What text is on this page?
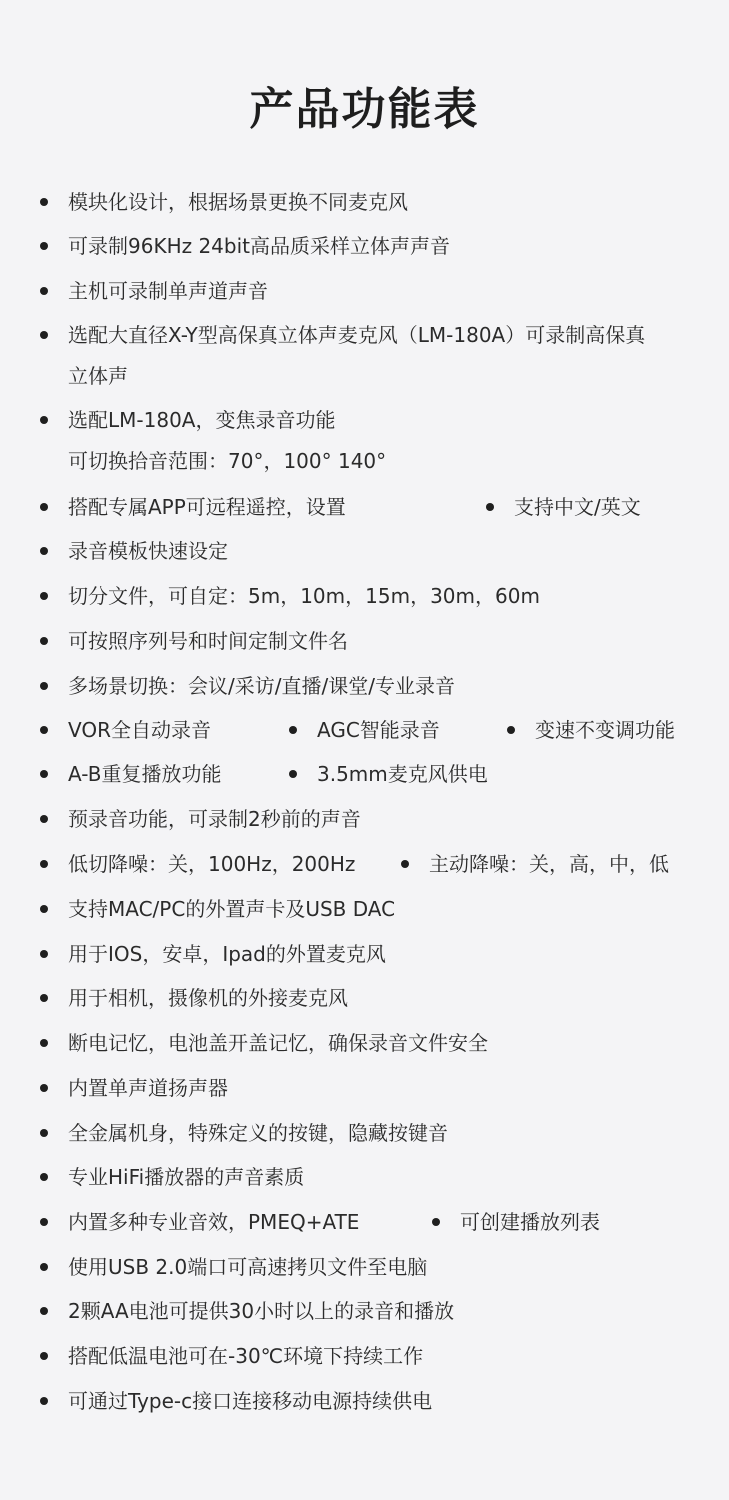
产品功能表
模块化设计，根据场景更换不同麦克风
可录制96KHz 24bit高品质采样立体声声音
主机可录制单声道声音
选配大直径X-Y型高保真立体声麦克风（LM-180A）可录制高保真
立体声
选配LM-180A，变焦录音功能
可切换拾音范围：70°，100° 140°
搭配专属APP可远程遥控，设置	支持中文/英文
录音模板快速设定
切分文件，可自定：5m，10m，15m，30m，60m
可按照序列号和时间定制文件名
多场景切换：会议/采访/直播/课堂/专业录音
VOR全自动录音	AGC智能录音	变速不变调功能
A-B重复播放功能	3.5mm麦克风供电
预录音功能，可录制2秒前的声音
低切降噪：关，100Hz，200Hz	主动降噪：关，高，中，低
支持MAC/PC的外置声卡及USB DAC
用于IOS，安卓，Ipad的外置麦克风
用于相机，摄像机的外接麦克风
断电记忆，电池盖开盖记忆，确保录音文件安全
内置单声道扬声器
全金属机身，特殊定义的按键，隐藏按键音
专业HiFi播放器的声音素质
内置多种专业音效，PMEQ+ATE	可创建播放列表
使用USB 2.0端口可高速拷贝文件至电脑
2颗AA电池可提供30小时以上的录音和播放
搭配低温电池可在-30℃环境下持续工作
可通过Type-c接口连接移动电源持续供电
